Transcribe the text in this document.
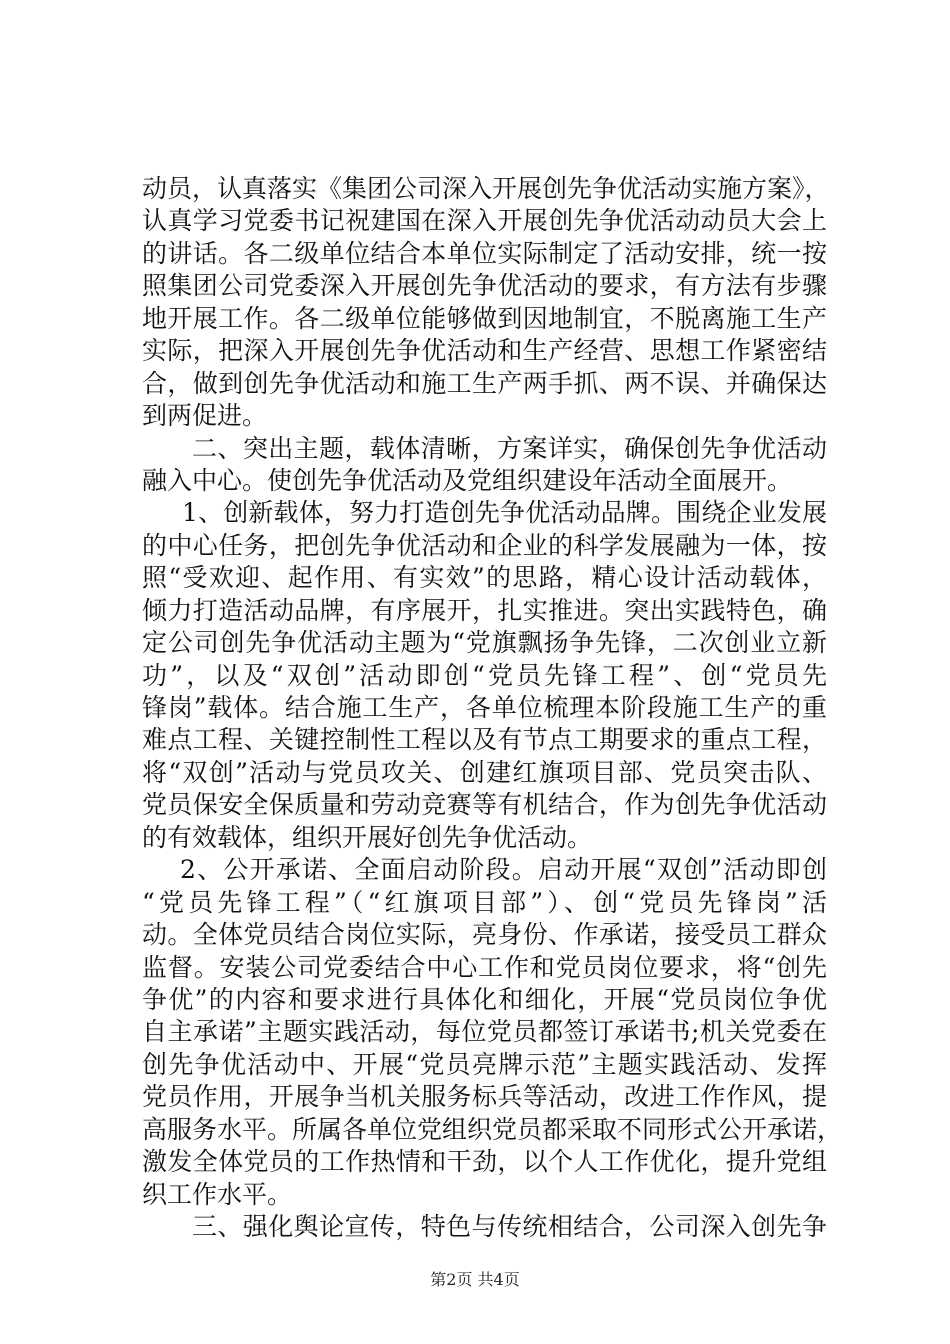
动员，认真落实《集团公司深入开展创先争优活动实施方案》，
认真学习党委书记祝建国在深入开展创先争优活动动员大会上
的讲话。各二级单位结合本单位实际制定了活动安排，统一按
照集团公司党委深入开展创先争优活动的要求，有方法有步骤
地开展工作。各二级单位能够做到因地制宜，不脱离施工生产
实际，把深入开展创先争优活动和生产经营、思想工作紧密结
合，做到创先争优活动和施工生产两手抓、两不误、并确保达
到两促进。
二、突出主题，载体清晰，方案详实，确保创先争优活动
融入中心。使创先争优活动及党组织建设年活动全面展开。
1、创新载体，努力打造创先争优活动品牌。围绕企业发展
的中心任务，把创先争优活动和企业的科学发展融为一体，按
照“受欢迎、起作用、有实效”的思路，精心设计活动载体，
倾力打造活动品牌，有序展开，扎实推进。突出实践特色，确
定公司创先争优活动主题为“党旗飘扬争先锋，二次创业立新
功”，以及“双创”活动即创“党员先锋工程”、创“党员先
锋岗”载体。结合施工生产，各单位梳理本阶段施工生产的重
难点工程、关键控制性工程以及有节点工期要求的重点工程，
将“双创”活动与党员攻关、创建红旗项目部、党员突击队、
党员保安全保质量和劳动竞赛等有机结合，作为创先争优活动
的有效载体，组织开展好创先争优活动。
2、公开承诺、全面启动阶段。启动开展“双创”活动即创
“党员先锋工程”（“红旗项目部”）、创“党员先锋岗”活
动。全体党员结合岗位实际，亮身份、作承诺，接受员工群众
监督。安装公司党委结合中心工作和党员岗位要求，将“创先
争优”的内容和要求进行具体化和细化，开展“党员岗位争优
自主承诺”主题实践活动，每位党员都签订承诺书;机关党委在
创先争优活动中、开展“党员亮牌示范”主题实践活动、发挥
党员作用，开展争当机关服务标兵等活动，改进工作作风，提
高服务水平。所属各单位党组织党员都采取不同形式公开承诺，
激发全体党员的工作热情和干劲，以个人工作优化，提升党组
织工作水平。
三、强化舆论宣传，特色与传统相结合，公司深入创先争
第2页 共4页
